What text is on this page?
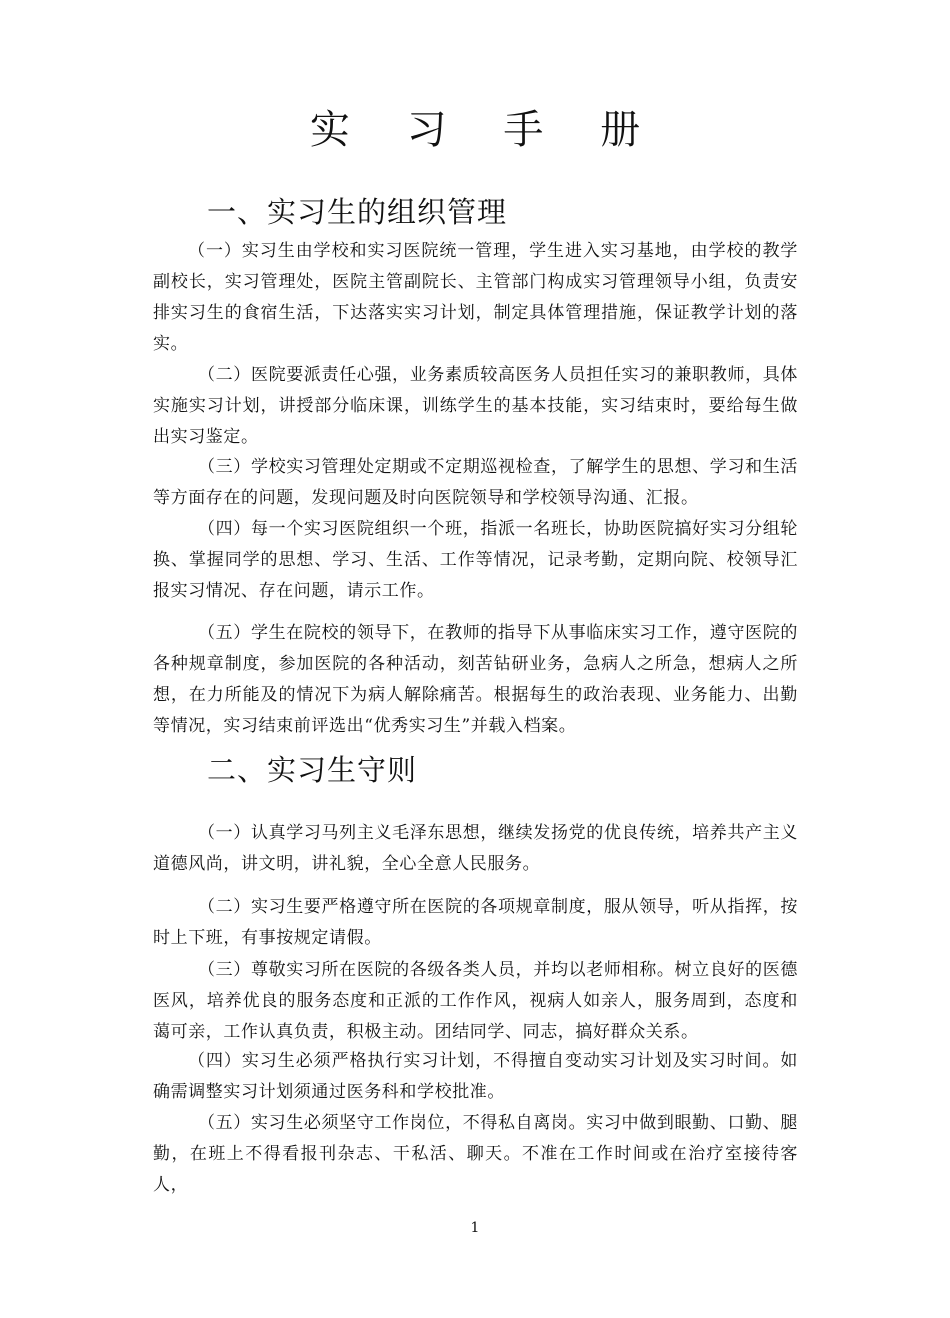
实 习 手 册
一、实习生的组织管理

（一）实习生由学校和实习医院统一管理，学生进入实习基地，由学校的教学副校长，实习管理处，医院主管副院长、主管部门构成实习管理领导小组，负责安排实习生的食宿生活，下达落实实习计划，制定具体管理措施，保证教学计划的落实。

（二）医院要派责任心强，业务素质较高医务人员担任实习的兼职教师，具体实施实习计划，讲授部分临床课，训练学生的基本技能，实习结束时，要给每生做出实习鉴定。

（三）学校实习管理处定期或不定期巡视检查，了解学生的思想、学习和生活等方面存在的问题，发现问题及时向医院领导和学校领导沟通、汇报。

（四）每一个实习医院组织一个班，指派一名班长，协助医院搞好实习分组轮换、掌握同学的思想、学习、生活、工作等情况，记录考勤，定期向院、校领导汇报实习情况、存在问题，请示工作。

（五）学生在院校的领导下，在教师的指导下从事临床实习工作，遵守医院的各种规章制度，参加医院的各种活动，刻苦钻研业务，急病人之所急，想病人之所想，在力所能及的情况下为病人解除痛苦。根据每生的政治表现、业务能力、出勤等情况，实习结束前评选出“优秀实习生”并载入档案。

二、实习生守则

（一）认真学习马列主义毛泽东思想，继续发扬党的优良传统，培养共产主义道德风尚，讲文明，讲礼貌，全心全意人民服务。

（二）实习生要严格遵守所在医院的各项规章制度，服从领导，听从指挥，按时上下班，有事按规定请假。

（三）尊敬实习所在医院的各级各类人员，并均以老师相称。树立良好的医德医风，培养优良的服务态度和正派的工作作风，视病人如亲人，服务周到，态度和蔼可亲，工作认真负责，积极主动。团结同学、同志，搞好群众关系。

（四）实习生必须严格执行实习计划，不得擅自变动实习计划及实习时间。如确需调整实习计划须通过医务科和学校批准。

（五）实习生必须坚守工作岗位，不得私自离岗。实习中做到眼勤、口勤、腿勤，在班上不得看报刊杂志、干私活、聊天。不准在工作时间或在治疗室接待客人，

1
